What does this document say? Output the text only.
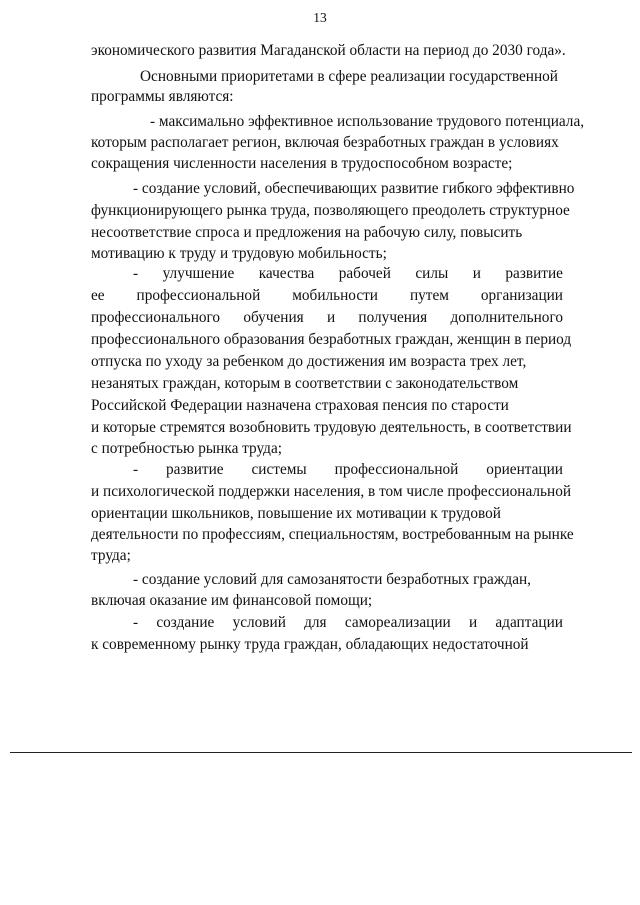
13
экономического развития Магаданской области на период до 2030 года».
Основными приоритетами в сфере реализации государственной
программы являются:
- максимально эффективное использование трудового потенциала,
которым располагает регион, включая безработных граждан в условиях
сокращения численности населения в трудоспособном возрасте;
- создание условий, обеспечивающих развитие гибкого эффективно
функционирующего рынка труда, позволяющего преодолеть структурное
несоответствие спроса и предложения на рабочую силу, повысить
мотивацию к труду и трудовую мобильность;
- улучшение качества рабочей силы и развитие
ее профессиональной мобильности путем организации
профессионального обучения и получения дополнительного
профессионального образования безработных граждан, женщин в период
отпуска по уходу за ребенком до достижения им возраста трех лет,
незанятых граждан, которым в соответствии с законодательством
Российской Федерации назначена страховая пенсия по старости
и которые стремятся возобновить трудовую деятельность, в соответствии
с потребностью рынка труда;
- развитие системы профессиональной ориентации
и психологической поддержки населения, в том числе профессиональной
ориентации школьников, повышение их мотивации к трудовой
деятельности по профессиям, специальностям, востребованным на рынке
труда;
- создание условий для самозанятости безработных граждан,
включая оказание им финансовой помощи;
- создание условий для самореализации и адаптации
к современному рынку труда граждан, обладающих недостаточной
